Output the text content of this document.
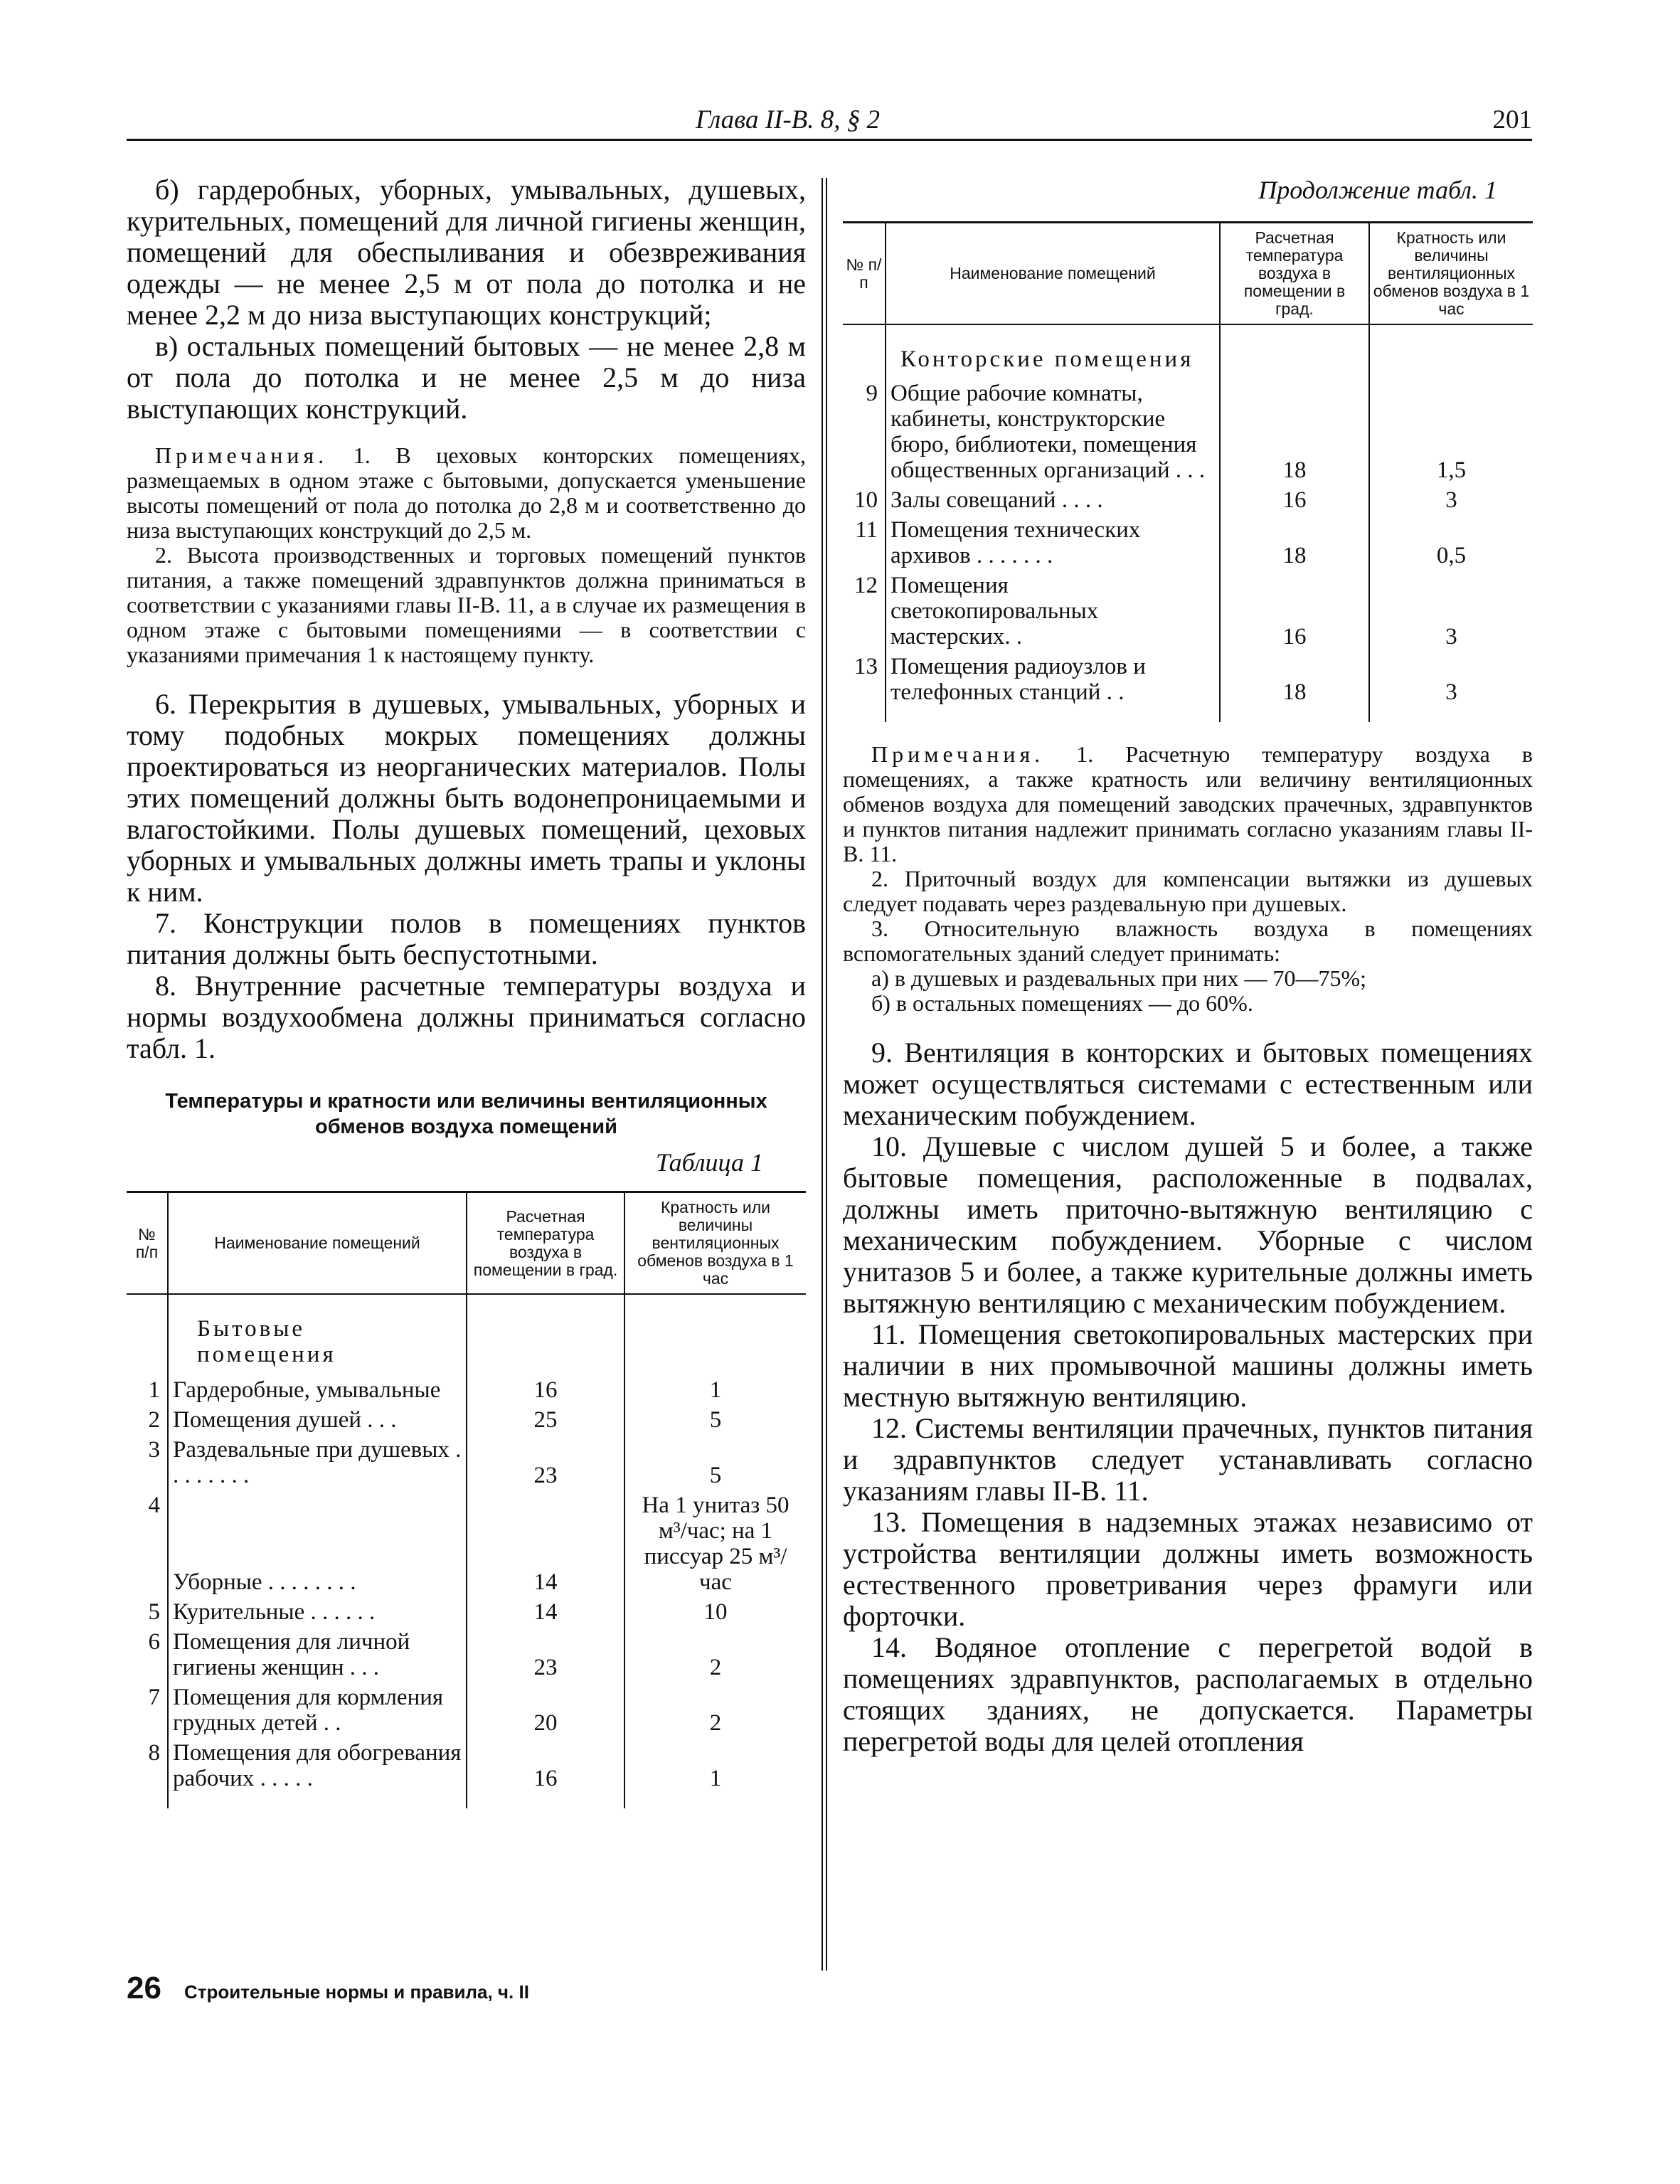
Глава II-В. 8, § 2	201

б) гардеробных, уборных, умывальных, душевых, курительных, помещений для личной гигиены женщин, помещений для обеспыливания и обезвреживания одежды — не менее 2,5 м от пола до потолка и не менее 2,2 м до низа выступающих конструкций;

в) остальных помещений бытовых — не менее 2,8 м от пола до потолка и не менее 2,5 м до низа выступающих конструкций.

Примечания. 1. В цеховых конторских помещениях, размещаемых в одном этаже с бытовыми, допускается уменьшение высоты помещений от пола до потолка до 2,8 м и соответственно до низа выступающих конструкций до 2,5 м.

2. Высота производственных и торговых помещений пунктов питания, а также помещений здравпунктов должна приниматься в соответствии с указаниями главы II-В. 11, а в случае их размещения в одном этаже с бытовыми помещениями — в соответствии с указаниями примечания 1 к настоящему пункту.

6. Перекрытия в душевых, умывальных, уборных и тому подобных мокрых помещениях должны проектироваться из неорганических материалов. Полы этих помещений должны быть водонепроницаемыми и влагостойкими. Полы душевых помещений, цеховых уборных и умывальных должны иметь трапы и уклоны к ним.

7. Конструкции полов в помещениях пунктов питания должны быть беспустотными.

8. Внутренние расчетные температуры воздуха и нормы воздухообмена должны приниматься согласно табл. 1.

Температуры и кратности или величины вентиляционных обменов воздуха помещений
Таблица 1
№ п/п	Наименование помещений	Расчетная температура воздуха в помещении в град.	Кратность или величины вентиляционных обменов воздуха в 1 час
	Бытовые помещения		
1	Гардеробные, умывальные	16	1
2	Помещения душей . . .	25	5
3	Раздевальные при душевых . . . . . . . .	23	5
4	Уборные . . . . . . . .	14	На 1 унитаз 50 м³/час; на 1 писсуар 25 м³/час
5	Курительные . . . . . .	14	10
6	Помещения для личной гигиены женщин . . .	23	2
7	Помещения для кормления грудных детей . .	20	2
8	Помещения для обогревания рабочих . . . . .	16	1

Продолжение табл. 1
№ п/п	Наименование помещений	Расчетная температура воздуха в помещении в град.	Кратность или величины вентиляционных обменов воздуха в 1 час
	Конторские помещения		
9	Общие рабочие комнаты, кабинеты, конструкторские бюро, библиотеки, помещения общественных организаций . . .	18	1,5
10	Залы совещаний . . . .	16	3
11	Помещения технических архивов . . . . . . .	18	0,5
12	Помещения светокопировальных мастерских. .	16	3
13	Помещения радиоузлов и телефонных станций . .	18	3

Примечания. 1. Расчетную температуру воздуха в помещениях, а также кратность или величину вентиляционных обменов воздуха для помещений заводских прачечных, здравпунктов и пунктов питания надлежит принимать согласно указаниям главы II-В. 11.

2. Приточный воздух для компенсации вытяжки из душевых следует подавать через раздевальную при душевых.

3. Относительную влажность воздуха в помещениях вспомогательных зданий следует принимать:

а) в душевых и раздевальных при них — 70—75%;

б) в остальных помещениях — до 60%.

9. Вентиляция в конторских и бытовых помещениях может осуществляться системами с естественным или механическим побуждением.

10. Душевые с числом душей 5 и более, а также бытовые помещения, расположенные в подвалах, должны иметь приточно-вытяжную вентиляцию с механическим побуждением. Уборные с числом унитазов 5 и более, а также курительные должны иметь вытяжную вентиляцию с механическим побуждением.

11. Помещения светокопировальных мастерских при наличии в них промывочной машины должны иметь местную вытяжную вентиляцию.

12. Системы вентиляции прачечных, пунктов питания и здравпунктов следует устанавливать согласно указаниям главы II-В. 11.

13. Помещения в надземных этажах независимо от устройства вентиляции должны иметь возможность естественного проветривания через фрамуги или форточки.

14. Водяное отопление с перегретой водой в помещениях здравпунктов, располагаемых в отдельно стоящих зданиях, не допускается. Параметры перегретой воды для целей отопления

26 Строительные нормы и правила, ч. II
